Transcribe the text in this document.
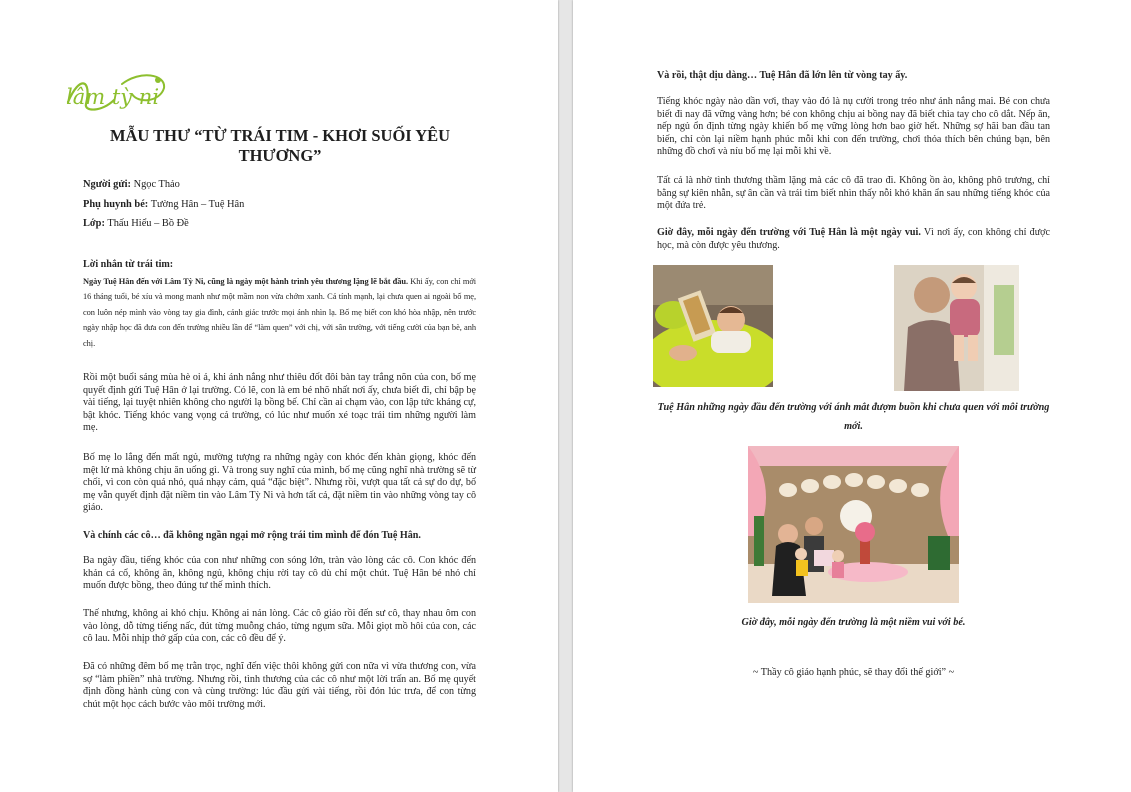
lâm tỳ ni
MẪU THƯ “TỪ TRÁI TIM - KHƠI SUỐI YÊU THƯƠNG”
Người gửi: Ngọc Thảo
Phụ huynh bé: Tường Hân – Tuệ Hân
Lớp: Thấu Hiểu – Bồ Đề
Lời nhắn từ trái tim:
Ngày Tuệ Hân đến với Lâm Tỳ Ni, cũng là ngày một hành trình yêu thương lặng lẽ bắt đầu. Khi ấy, con chỉ mới 16 tháng tuổi, bé xíu và mong manh như một mầm non vừa chớm xanh. Cá tính mạnh, lại chưa quen ai ngoài bố mẹ, con luôn nép mình vào vòng tay gia đình, cảnh giác trước mọi ánh nhìn lạ. Bố mẹ biết con khó hòa nhập, nên trước ngày nhập học đã đưa con đến trường nhiều lần để “làm quen” với chị, với sân trường, với tiếng cười của bạn bè, anh chị.
Rồi một buổi sáng mùa hè oi ả, khi ánh nắng như thiêu đốt đôi bàn tay trắng nõn của con, bố mẹ quyết định gửi Tuệ Hân ở lại trường. Có lẽ, con là em bé nhõ nhất nơi ấy, chưa biết đi, chỉ bập bẹ vài tiếng, lại tuyệt nhiên không cho người lạ bồng bế. Chỉ cần ai chạm vào, con lập tức kháng cự, bật khóc. Tiếng khóc vang vọng cả trường, có lúc như muốn xé toạc trái tim những người làm mẹ.
Bố mẹ lo lắng đến mất ngủ, mường tượng ra những ngày con khóc đến khàn giọng, khóc đến mệt lử mà không chịu ăn uống gì. Và trong suy nghĩ của mình, bố mẹ cũng nghĩ nhà trường sẽ từ chối, vì con còn quá nhỏ, quá nhạy cảm, quá “đặc biệt”. Nhưng rồi, vượt qua tất cả sự do dự, bố mẹ vẫn quyết định đặt niềm tin vào Lâm Tỳ Ni và hơn tất cả, đặt niềm tin vào những vòng tay cô giáo.
Và chính các cô… đã không ngần ngại mở rộng trái tim mình để đón Tuệ Hân.
Ba ngày đầu, tiếng khóc của con như những con sóng lớn, tràn vào lòng các cô. Con khóc đến khản cả cổ, không ăn, không ngủ, không chịu rời tay cô dù chỉ một chút. Tuệ Hân bé nhỏ chỉ muốn được bồng, theo đúng tư thế mình thích.
Thế nhưng, không ai khó chịu. Không ai nản lòng. Các cô giáo rồi đến sư cô, thay nhau ôm con vào lòng, dỗ từng tiếng nấc, đút từng muỗng cháo, từng ngụm sữa. Mỗi giọt mồ hôi của con, các cô lau. Mỗi nhịp thở gấp của con, các cô đều để ý.
Đã có những đêm bố mẹ trằn trọc, nghĩ đến việc thôi không gửi con nữa vì vừa thương con, vừa sợ “làm phiền” nhà trường. Nhưng rồi, tình thương của các cô như một lời trấn an. Bố mẹ quyết định đồng hành cùng con và cùng trường: lúc đầu gửi vài tiếng, rồi đón lúc trưa, để con từng chút một học cách bước vào môi trường mới.
Và rồi, thật dịu dàng… Tuệ Hân đã lớn lên từ vòng tay ấy.
Tiếng khóc ngày nào dần vơi, thay vào đó là nụ cười trong trẻo như ánh nắng mai. Bé con chưa biết đi nay đã vững vàng hơn; bé con không chịu ai bồng nay đã biết chìa tay cho cô dắt. Nếp ăn, nếp ngủ ổn định từng ngày khiến bố mẹ vững lòng hơn bao giờ hết. Những sợ hãi ban đầu tan biến, chỉ còn lại niềm hạnh phúc mỗi khi con đến trường, chơi thỏa thích bên chúng bạn, bên những đồ chơi và níu bố mẹ lại mỗi khi về.
Tất cả là nhờ tình thương thầm lặng mà các cô đã trao đi. Không ồn ào, không phô trương, chỉ bằng sự kiên nhẫn, sự ân cần và trái tim biết nhìn thấy nỗi khó khăn ẩn sau những tiếng khóc của một đứa trẻ.
Giờ đây, mỗi ngày đến trường với Tuệ Hân là một ngày vui. Vì nơi ấy, con không chỉ được học, mà còn được yêu thương.
Tuệ Hân những ngày đầu đến trường với ánh mắt đượm buồn khi chưa quen với môi trường mới.
Giờ đây, mỗi ngày đến trường là một niềm vui với bé.
~ Thầy cô giáo hạnh phúc, sẽ thay đổi thế giới” ~
